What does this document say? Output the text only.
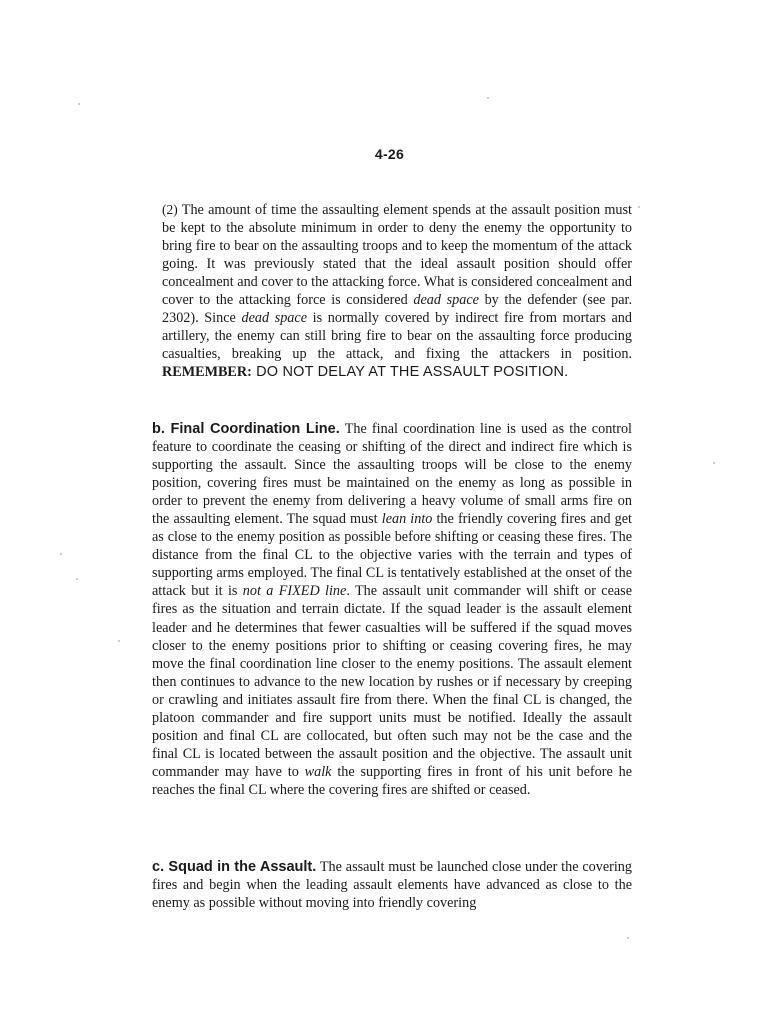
4-26

(2) The amount of time the assaulting element spends at the assault position must be kept to the absolute minimum in order to deny the enemy the opportunity to bring fire to bear on the assaulting troops and to keep the momentum of the attack going. It was previously stated that the ideal assault position should offer concealment and cover to the attacking force. What is considered concealment and cover to the attacking force is considered dead space by the defender (see par. 2302). Since dead space is normally covered by indirect fire from mortars and artillery, the enemy can still bring fire to bear on the assaulting force producing casualties, breaking up the attack, and fixing the attackers in position. REMEMBER: DO NOT DELAY AT THE ASSAULT POSITION.

b. Final Coordination Line. The final coordination line is used as the control feature to coordinate the ceasing or shifting of the direct and indirect fire which is supporting the assault. Since the assaulting troops will be close to the enemy position, covering fires must be maintained on the enemy as long as possible in order to prevent the enemy from delivering a heavy volume of small arms fire on the assaulting element. The squad must lean into the friendly covering fires and get as close to the enemy position as possible before shifting or ceasing these fires. The distance from the final CL to the objective varies with the terrain and types of supporting arms employed. The final CL is tentatively established at the onset of the attack but it is not a FIXED line. The assault unit commander will shift or cease fires as the situation and terrain dictate. If the squad leader is the assault element leader and he determines that fewer casualties will be suffered if the squad moves closer to the enemy positions prior to shifting or ceasing covering fires, he may move the final coordination line closer to the enemy positions. The assault element then continues to advance to the new location by rushes or if necessary by creeping or crawling and initiates assault fire from there. When the final CL is changed, the platoon commander and fire support units must be notified. Ideally the assault position and final CL are collocated, but often such may not be the case and the final CL is located between the assault position and the objective. The assault unit commander may have to walk the supporting fires in front of his unit before he reaches the final CL where the covering fires are shifted or ceased.

c. Squad in the Assault. The assault must be launched close under the covering fires and begin when the leading assault elements have advanced as close to the enemy as possible without moving into friendly covering
